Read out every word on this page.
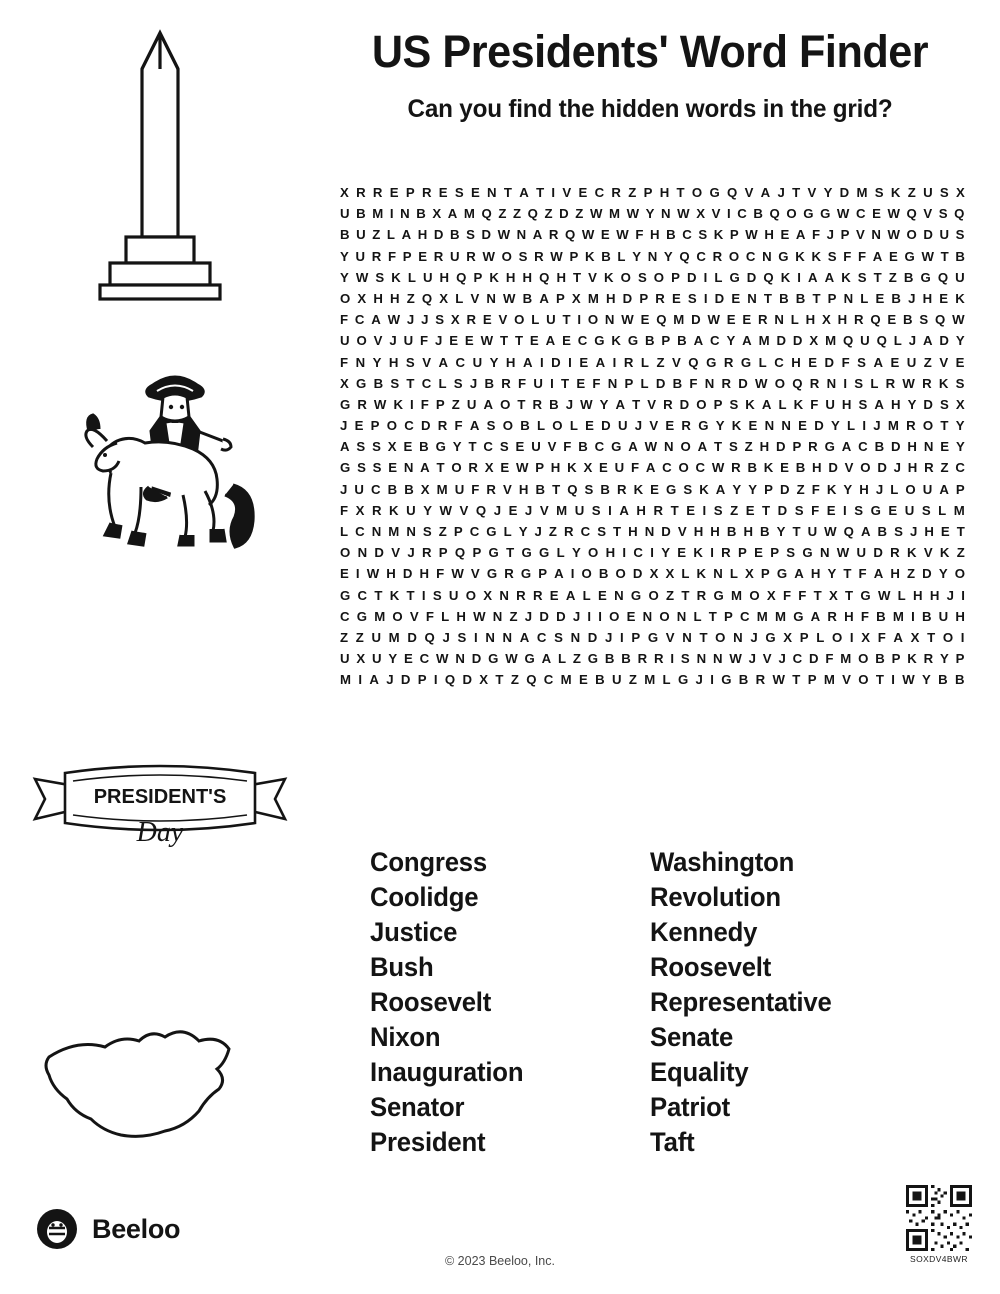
PRESIDENT'S
Day
US Presidents' Word Finder
Can you find the hidden words in the grid?
X R R E P R E S E N T A T I V E C R Z P H T O G Q V A J T V Y D M S K Z U S X
U B M I N B X A M Q Z Z Q Z D Z W M W Y N W X V I C B Q O G G W C E W Q V S Q
B U Z L A H D B S D W N A R Q W E W F H B C S K P W H E A F J P V N W O D U S
Y U R F P E R U R W O S R W P K B L Y N Y Q C R O C N G K K S F F A E G W T B
Y W S K L U H Q P K H H Q H T V K O S O P D I L G D Q K I A A K S T Z B G Q U
O X H H Z Q X L V N W B A P X M H D P R E S I D E N T B B T P N L E B J H E K
F C A W J J S X R E V O L U T I O N W E Q M D W E E R N L H X H R Q E B S Q W
U O V J U F J E E W T T E A E C G K G B P B A C Y A M D D X M Q U Q L J A D Y
F N Y H S V A C U Y H A I D I E A I R L Z V Q G R G L C H E D F S A E U Z V E
X G B S T C L S J B R F U I T E F N P L D B F N R D W O Q R N I S L R W R K S
G R W K I F P Z U A O T R B J W Y A T V R D O P S K A L K F U H S A H Y D S X
J E P O C D R F A S O B L O L E D U J V E R G Y K E N N E D Y L I J M R O T Y
A S S X E B G Y T C S E U V F B C G A W N O A T S Z H D P R G A C B D H N E Y
G S S E N A T O R X E W P H K X E U F A C O C W R B K E B H D V O D J H R Z C
J U C B B X M U F R V H B T Q S B R K E G S K A Y Y P D Z F K Y H J L O U A P
F X R K U Y W V Q J E J V M U S I A H R T E I S Z E T D S F E I S G E U S L M
L C N M N S Z P C G L Y J Z R C S T H N D V H H B H B Y T U W Q A B S J H E T
O N D V J R P Q P G T G G L Y O H I C I Y E K I R P E P S G N W U D R K V K Z
E I W H D H F W V G R G P A I O B O D X X L K N L X P G A H Y T F A H Z D Y O
G C T K T I S U O X N R R E A L E N G O Z T R G M O X F F T X T G W L H H J I
C G M O V F L H W N Z J D D J I I O E N O N L T P C M M G A R H F B M I B U H
Z Z U M D Q J S I N N A C S N D J I P G V N T O N J G X P L O I X F A X T O I
U X U Y E C W N D G W G A L Z G B B R R I S N N W J V J C D F M O B P K R Y P
M I A J D P I Q D X T Z Q C M E B U Z M L G J I G B R W T P M V O T I W Y B B
Congress
Coolidge
Justice
Bush
Roosevelt
Nixon
Inauguration
Senator
President
Washington
Revolution
Kennedy
Roosevelt
Representative
Senate
Equality
Patriot
Taft
Beeloo
© 2023 Beeloo, Inc.	SOXDV4BWR
